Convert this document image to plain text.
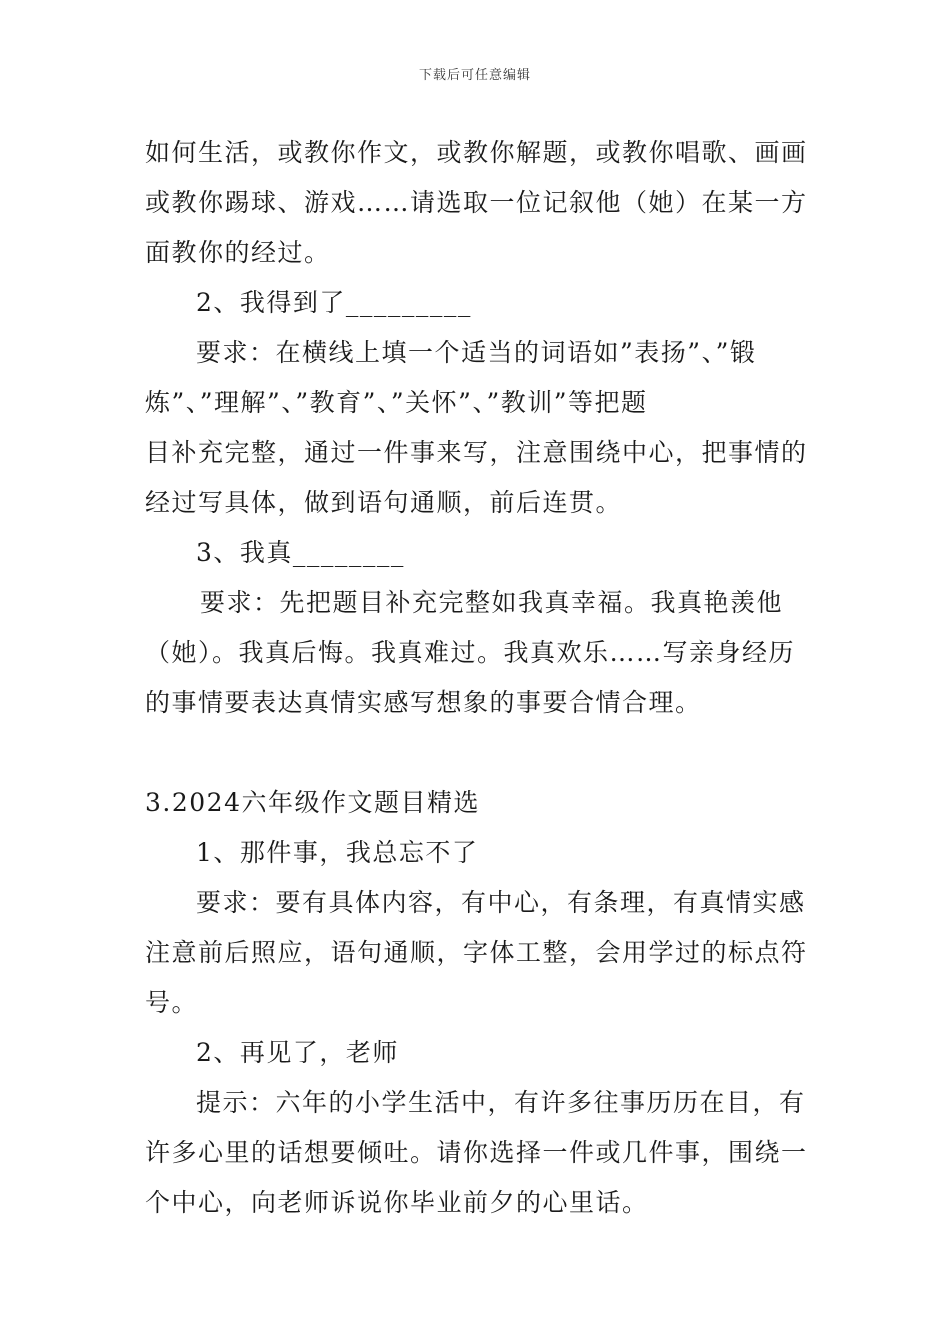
下载后可任意编辑
如何生活，或教你作文，或教你解题，或教你唱歌、画画
或教你踢球、游戏……请选取一位记叙他（她）在某一方
面教你的经过。
2、我得到了_________
要求：在横线上填一个适当的词语如”表扬”、”锻
炼”、”理解”、”教育”、”关怀”、”教训”等把题
目补充完整，通过一件事来写，注意围绕中心，把事情的
经过写具体，做到语句通顺，前后连贯。
3、我真________
要求：先把题目补充完整如我真幸福。我真艳羡他
（她）。我真后悔。我真难过。我真欢乐……写亲身经历
的事情要表达真情实感写想象的事要合情合理。
3.2024六年级作文题目精选
1、那件事，我总忘不了
要求：要有具体内容，有中心，有条理，有真情实感
注意前后照应，语句通顺，字体工整，会用学过的标点符
号。
2、再见了，老师
提示：六年的小学生活中，有许多往事历历在目，有
许多心里的话想要倾吐。请你选择一件或几件事，围绕一
个中心，向老师诉说你毕业前夕的心里话。
